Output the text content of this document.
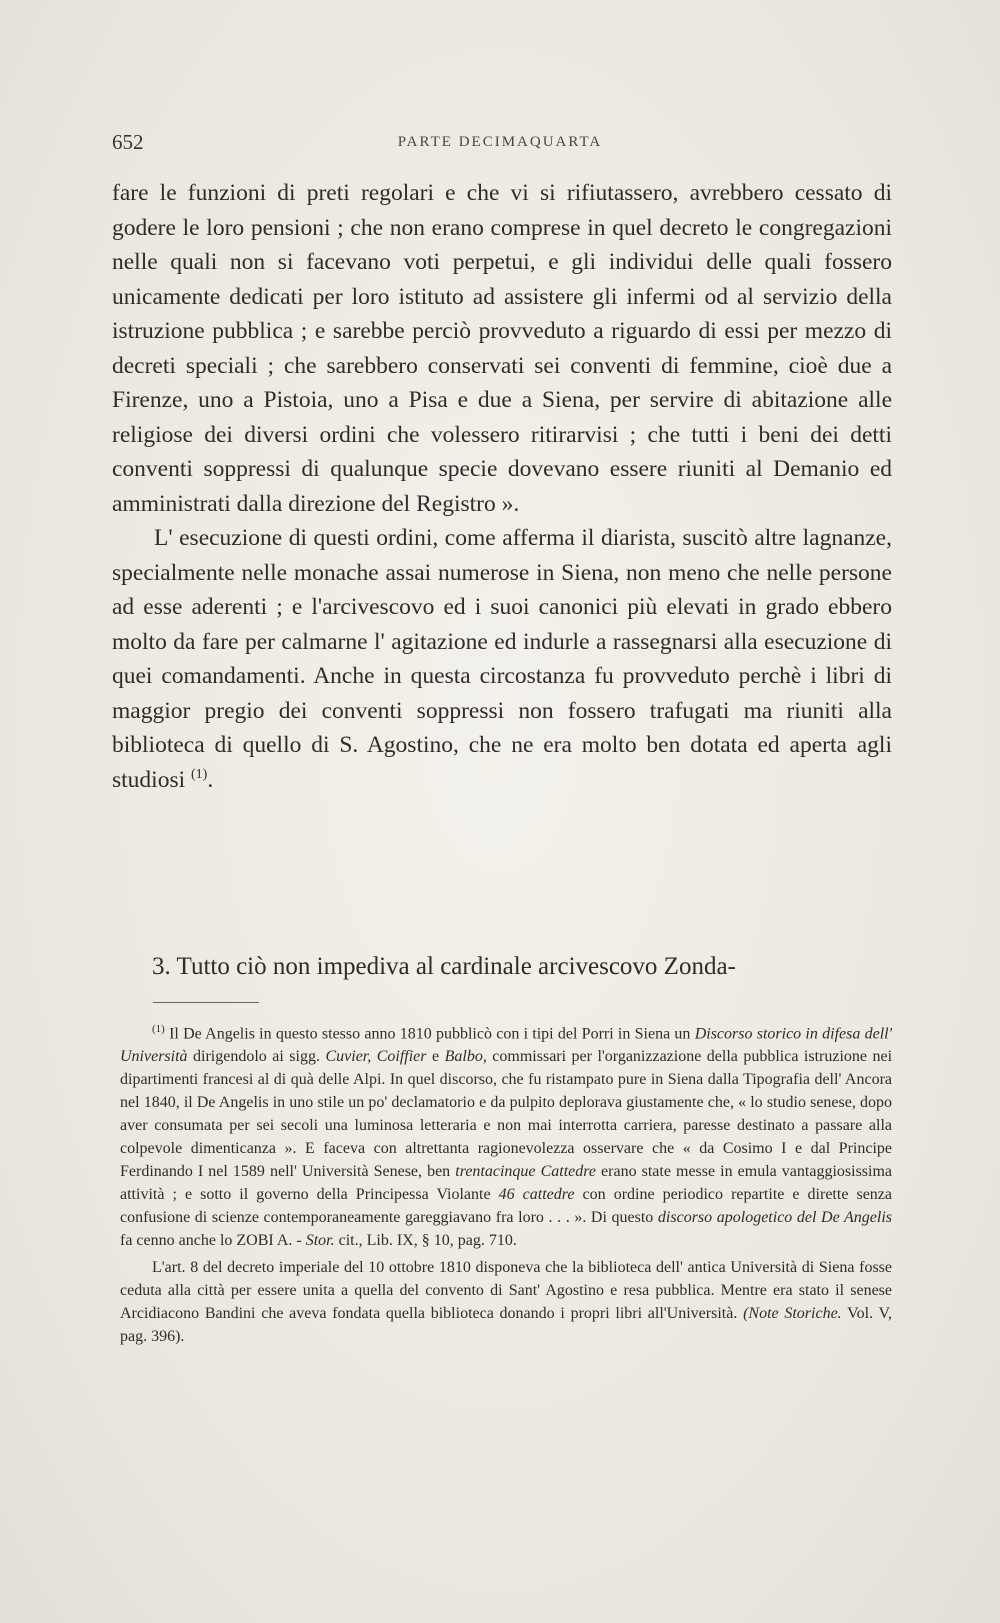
652	PARTE DECIMAQUARTA

fare le funzioni di preti regolari e che vi si rifiutassero, avrebbero cessato di godere le loro pensioni ; che non erano comprese in quel decreto le congregazioni nelle quali non si facevano voti perpetui, e gli individui delle quali fossero unicamente dedicati per loro istituto ad assistere gli infermi od al servizio della istruzione pubblica ; e sarebbe perciò provveduto a riguardo di essi per mezzo di decreti speciali ; che sarebbero conservati sei conventi di femmine, cioè due a Firenze, uno a Pistoia, uno a Pisa e due a Siena, per servire di abitazione alle religiose dei diversi ordini che volessero ritirarvisi ; che tutti i beni dei detti conventi soppressi di qualunque specie dovevano essere riuniti al Demanio ed amministrati dalla direzione del Registro ».

L' esecuzione di questi ordini, come afferma il diarista, suscitò altre lagnanze, specialmente nelle monache assai numerose in Siena, non meno che nelle persone ad esse aderenti ; e l'arcivescovo ed i suoi canonici più elevati in grado ebbero molto da fare per calmarne l' agitazione ed indurle a rassegnarsi alla esecuzione di quei comandamenti. Anche in questa circostanza fu provveduto perchè i libri di maggior pregio dei conventi soppressi non fossero trafugati ma riuniti alla biblioteca di quello di S. Agostino, che ne era molto ben dotata ed aperta agli studiosi $^{(1)}$.

3. Tutto ciò non impediva al cardinale arcivescovo Zonda-

$^{(1)}$ Il De Angelis in questo stesso anno 1810 pubblicò con i tipi del Porri in Siena un Discorso storico in difesa dell' Università dirigendolo ai sigg. Cuvier, Coiffier e Balbo, commissari per l'organizzazione della pubblica istruzione nei dipartimenti francesi al di quà delle Alpi. In quel discorso, che fu ristampato pure in Siena dalla Tipografia dell' Ancora nel 1840, il De Angelis in uno stile un po' declamatorio e da pulpito deplorava giustamente che, « lo studio senese, dopo aver consumata per sei secoli una luminosa letteraria e non mai interrotta carriera, paresse destinato a passare alla colpevole dimenticanza ». E faceva con altrettanta ragionevolezza osservare che « da Cosimo I e dal Principe Ferdinando I nel 1589 nell' Università Senese, ben trentacinque Cattedre erano state messe in emula vantaggiosissima attività ; e sotto il governo della Principessa Violante 46 cattedre con ordine periodico repartite e dirette senza confusione di scienze contemporaneamente gareggiavano fra loro . . . ». Di questo discorso apologetico del De Angelis fa cenno anche lo ZOBI A. - Stor. cit., Lib. IX, § 10, pag. 710.

L'art. 8 del decreto imperiale del 10 ottobre 1810 disponeva che la biblioteca dell' antica Università di Siena fosse ceduta alla città per essere unita a quella del convento di Sant' Agostino e resa pubblica. Mentre era stato il senese Arcidiacono Bandini che aveva fondata quella biblioteca donando i propri libri all'Università. (Note Storiche. Vol. V, pag. 396).
